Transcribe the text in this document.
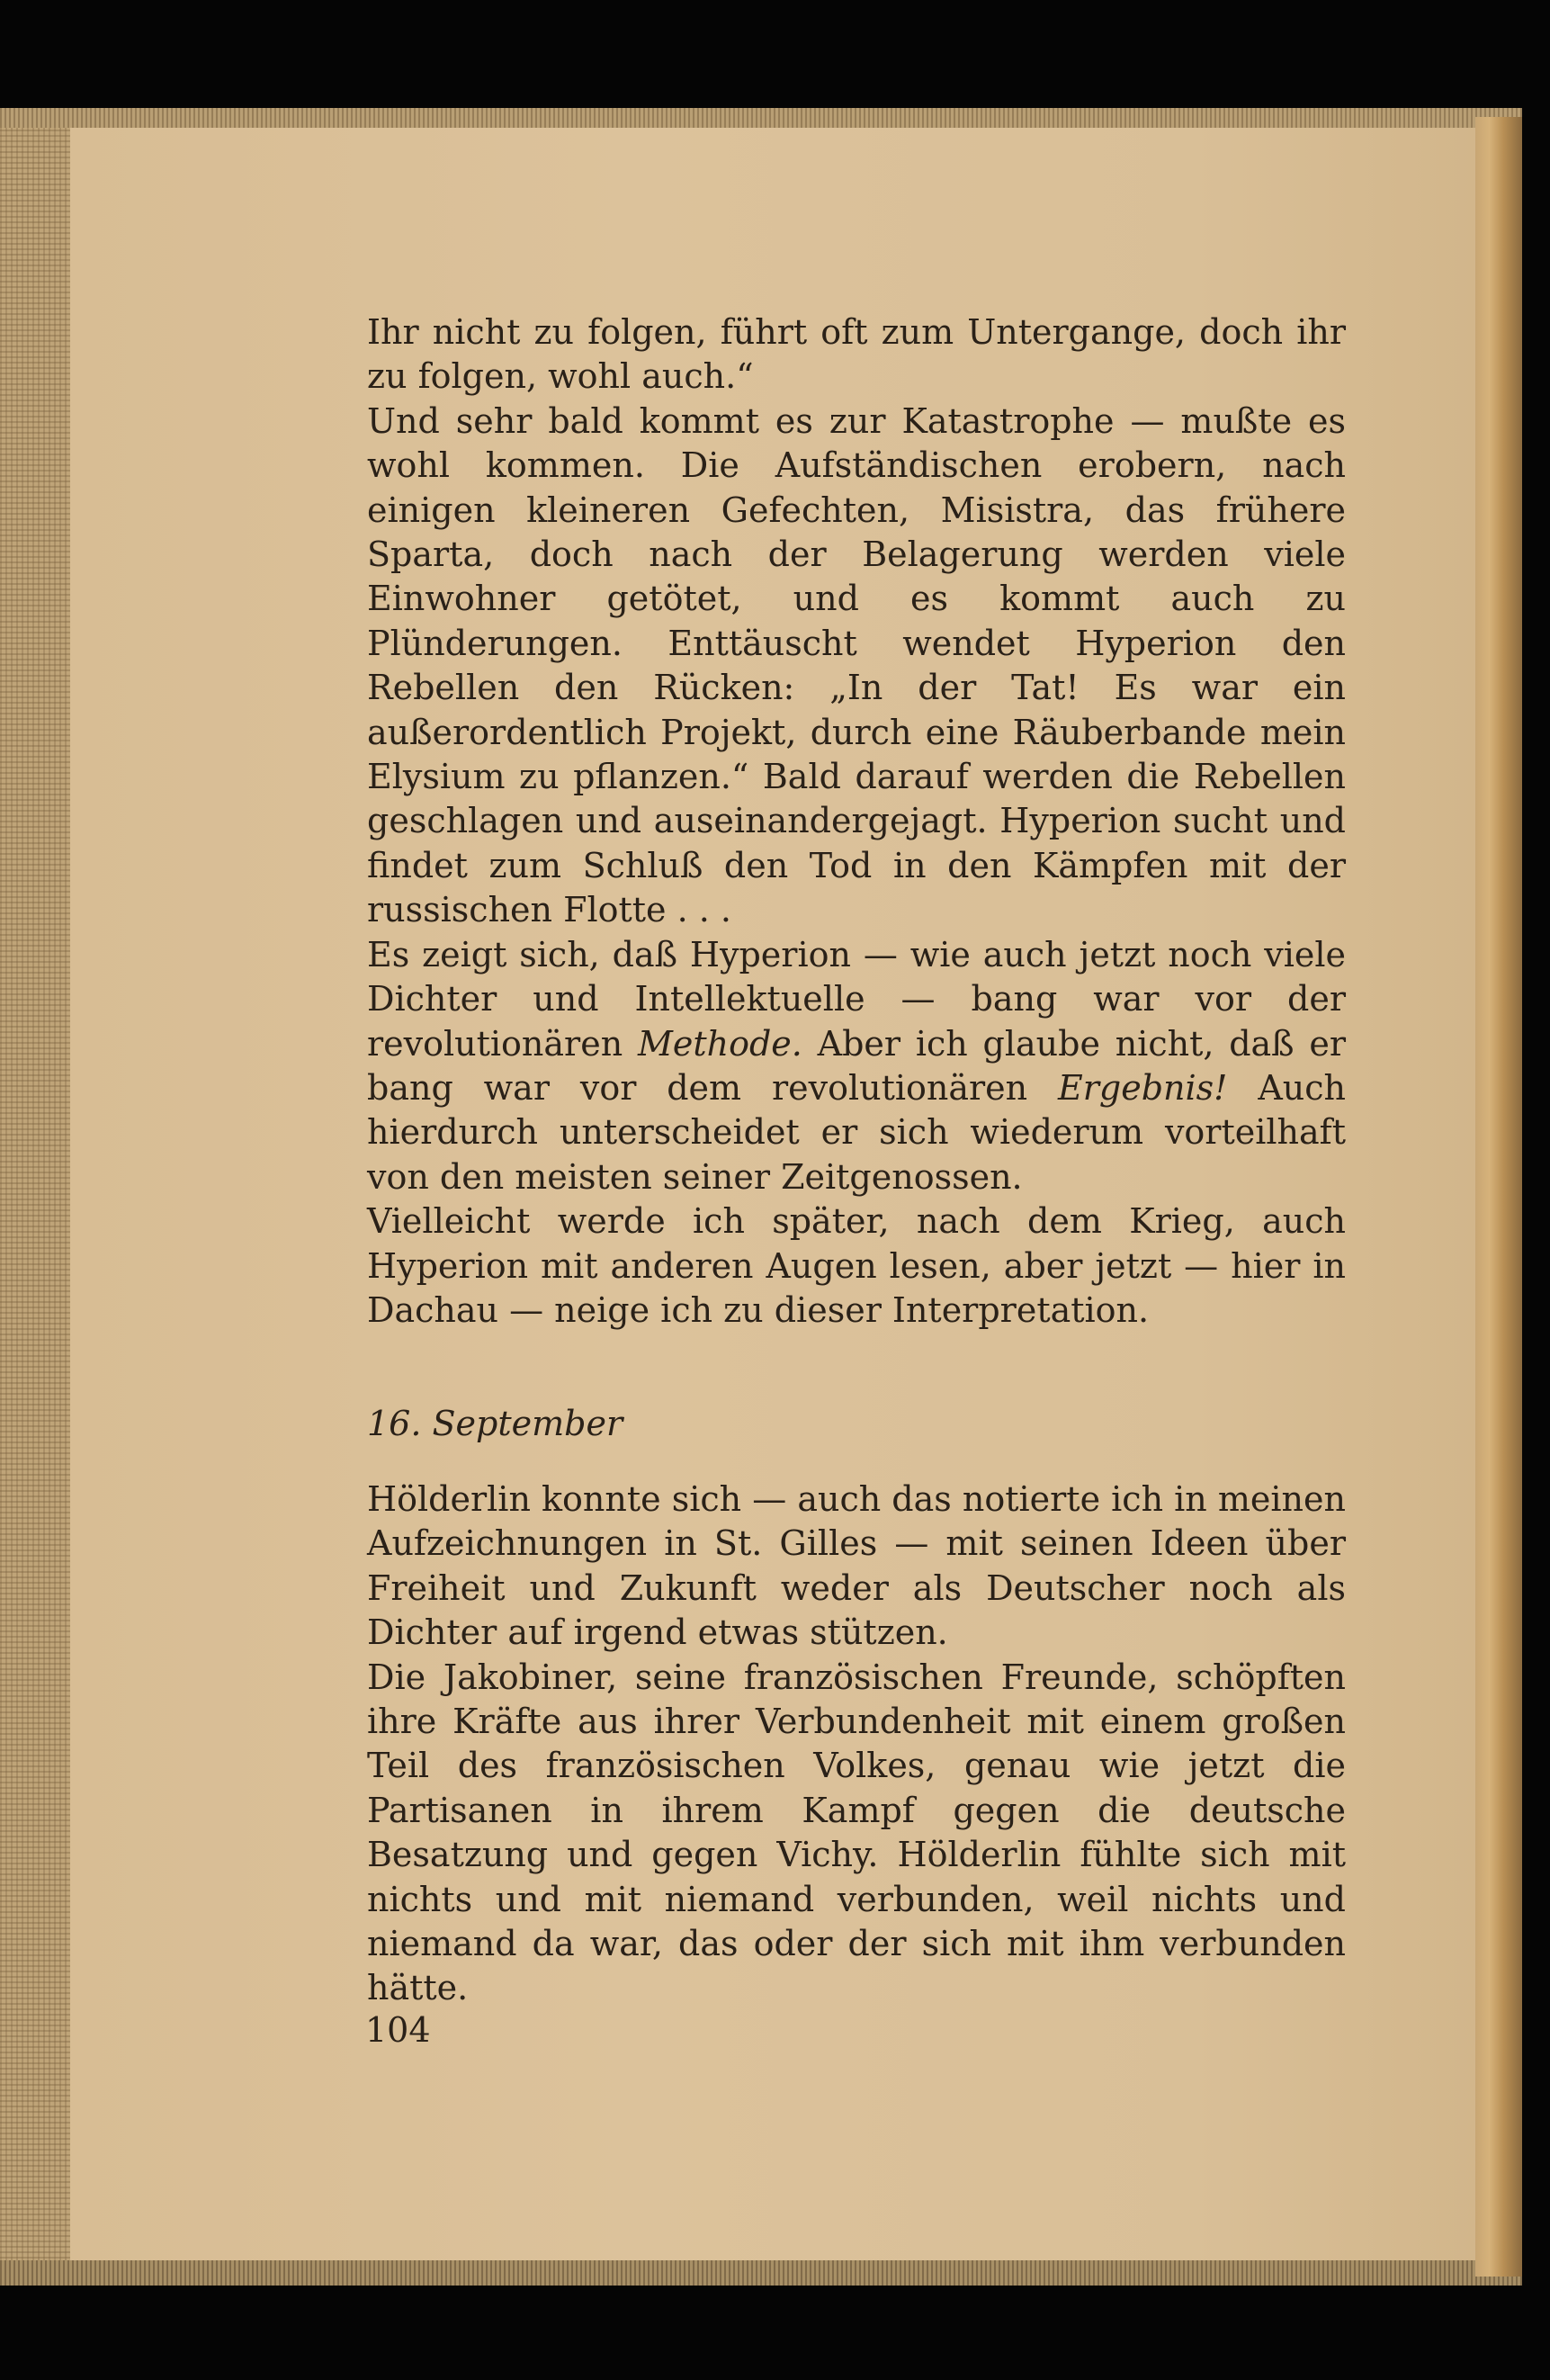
Ihr nicht zu folgen, führt oft zum Untergange, doch ihr zu folgen, wohl auch.“

Und sehr bald kommt es zur Katastrophe — mußte es wohl kommen. Die Aufständischen erobern, nach einigen kleineren Gefechten, Misistra, das frühere Sparta, doch nach der Belagerung werden viele Einwohner getötet, und es kommt auch zu Plünderungen. Enttäuscht wendet Hyperion den Rebellen den Rücken: „In der Tat! Es war ein außerordentlich Projekt, durch eine Räuberbande mein Elysium zu pflanzen.“ Bald darauf werden die Rebellen geschlagen und auseinandergejagt. Hyperion sucht und findet zum Schluß den Tod in den Kämpfen mit der russischen Flotte . . .

Es zeigt sich, daß Hyperion — wie auch jetzt noch viele Dichter und Intellektuelle — bang war vor der revolutionären Methode. Aber ich glaube nicht, daß er bang war vor dem revolutionären Ergebnis! Auch hierdurch unterscheidet er sich wiederum vorteilhaft von den meisten seiner Zeitgenossen.

Vielleicht werde ich später, nach dem Krieg, auch Hyperion mit anderen Augen lesen, aber jetzt — hier in Dachau — neige ich zu dieser Interpretation.

16. September

Hölderlin konnte sich — auch das notierte ich in meinen Aufzeichnungen in St. Gilles — mit seinen Ideen über Freiheit und Zukunft weder als Deutscher noch als Dichter auf irgend etwas stützen.

Die Jakobiner, seine französischen Freunde, schöpften ihre Kräfte aus ihrer Verbundenheit mit einem großen Teil des französischen Volkes, genau wie jetzt die Partisanen in ihrem Kampf gegen die deutsche Besatzung und gegen Vichy. Hölderlin fühlte sich mit nichts und mit niemand verbunden, weil nichts und niemand da war, das oder der sich mit ihm verbunden hätte.

104
